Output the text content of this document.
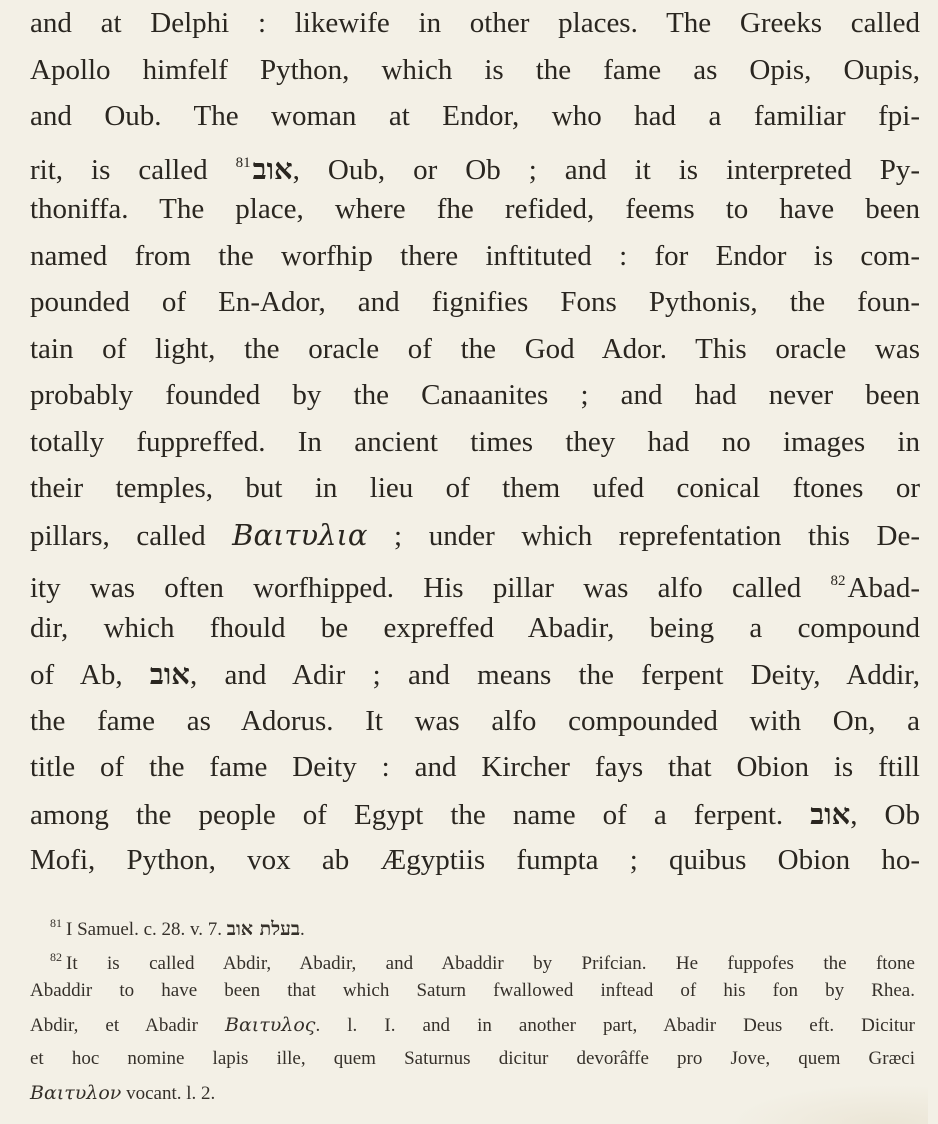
and at Delphi : likewife in other places. The Greeks called
Apollo himfelf Python, which is the fame as Opis, Oupis,
and Oub. The woman at Endor, who had a familiar fpi-
rit, is called $^{81}$אוב, Oub, or Ob ; and it is interpreted Py-
thoniffa. The place, where fhe refided, feems to have been
named from the worfhip there inftituted : for Endor is com-
pounded of En-Ador, and fignifies Fons Pythonis, the foun-
tain of light, the oracle of the God Ador. This oracle was
probably founded by the Canaanites ; and had never been
totally fuppreffed. In ancient times they had no images in
their temples, but in lieu of them ufed conical ftones or
pillars, called Βαιτυλια ; under which reprefentation this De-
ity was often worfhipped. His pillar was alfo called $^{82}$Abad-
dir, which fhould be expreffed Abadir, being a compound
of Ab, אוב, and Adir ; and means the ferpent Deity, Addir,
the fame as Adorus. It was alfo compounded with On, a
title of the fame Deity : and Kircher fays that Obion is ftill
among the people of Egypt the name of a ferpent. אוב, Ob
Mofi, Python, vox ab Ægyptiis fumpta ; quibus Obion ho-
$^{81}$ I Samuel. c. 28. v. 7. בעלת אוב.
$^{82}$ It is called Abdir, Abadir, and Abaddir by Prifcian. He fuppofes the ftone
Abaddir to have been that which Saturn fwallowed inftead of his fon by Rhea.
Abdir, et Abadir Βαιτυλος. l. I. and in another part, Abadir Deus eft. Dicitur
et hoc nomine lapis ille, quem Saturnus dicitur devorâffe pro Jove, quem Græci
Βαιτυλον vocant. l. 2.
